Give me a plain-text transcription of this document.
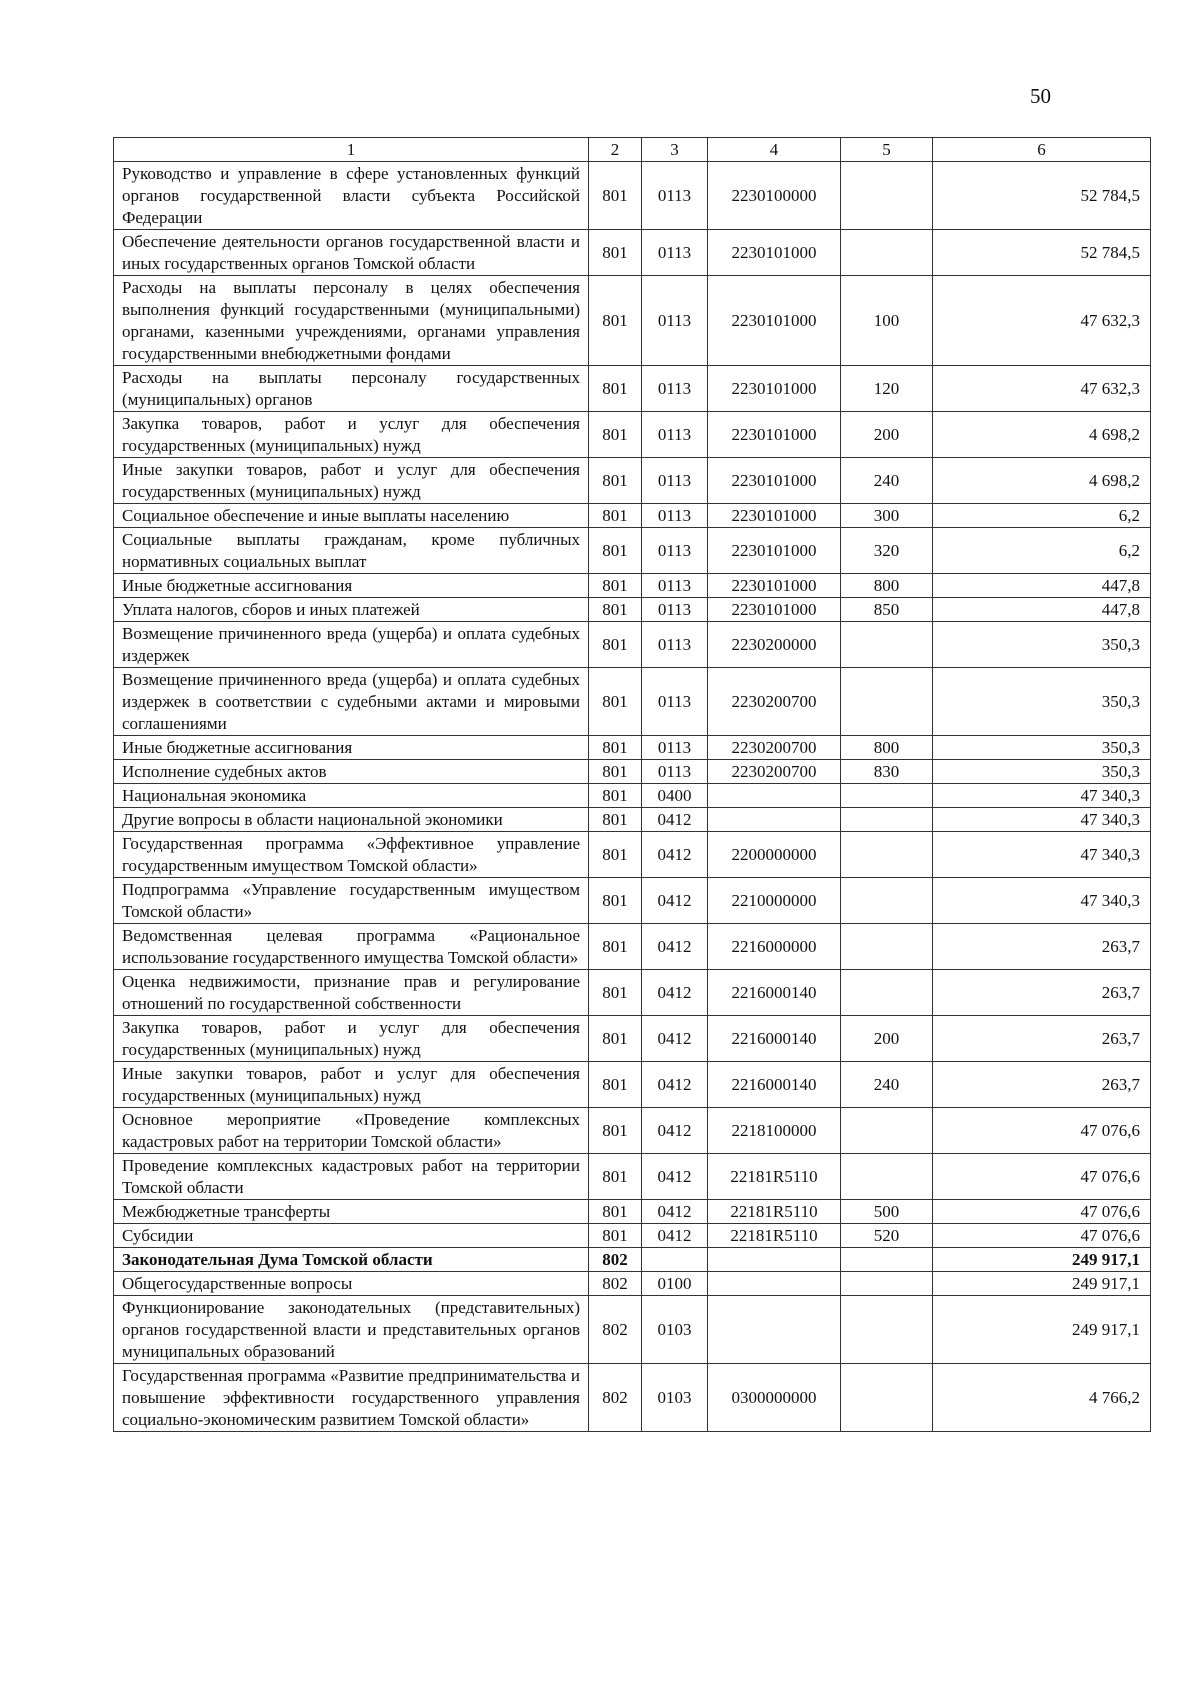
50
1	2	3	4	5	6
Руководство и управление в сфере установленных функций органов государственной власти субъекта Российской Федерации	801	0113	2230100000		52 784,5
Обеспечение деятельности органов государственной власти и иных государственных органов Томской области	801	0113	2230101000		52 784,5
Расходы на выплаты персоналу в целях обеспечения выполнения функций государственными (муниципальными) органами, казенными учреждениями, органами управления государственными внебюджетными фондами	801	0113	2230101000	100	47 632,3
Расходы на выплаты персоналу государственных (муниципальных) органов	801	0113	2230101000	120	47 632,3
Закупка товаров, работ и услуг для обеспечения государственных (муниципальных) нужд	801	0113	2230101000	200	4 698,2
Иные закупки товаров, работ и услуг для обеспечения государственных (муниципальных) нужд	801	0113	2230101000	240	4 698,2
Социальное обеспечение и иные выплаты населению	801	0113	2230101000	300	6,2
Социальные выплаты гражданам, кроме публичных нормативных социальных выплат	801	0113	2230101000	320	6,2
Иные бюджетные ассигнования	801	0113	2230101000	800	447,8
Уплата налогов, сборов и иных платежей	801	0113	2230101000	850	447,8
Возмещение причиненного вреда (ущерба) и оплата судебных издержек	801	0113	2230200000		350,3
Возмещение причиненного вреда (ущерба) и оплата судебных издержек в соответствии с судебными актами и мировыми соглашениями	801	0113	2230200700		350,3
Иные бюджетные ассигнования	801	0113	2230200700	800	350,3
Исполнение судебных актов	801	0113	2230200700	830	350,3
Национальная экономика	801	0400			47 340,3
Другие вопросы в области национальной экономики	801	0412			47 340,3
Государственная программа «Эффективное управление государственным имуществом Томской области»	801	0412	2200000000		47 340,3
Подпрограмма «Управление государственным имуществом Томской области»	801	0412	2210000000		47 340,3
Ведомственная целевая программа «Рациональное использование государственного имущества Томской области»	801	0412	2216000000		263,7
Оценка недвижимости, признание прав и регулирование отношений по государственной собственности	801	0412	2216000140		263,7
Закупка товаров, работ и услуг для обеспечения государственных (муниципальных) нужд	801	0412	2216000140	200	263,7
Иные закупки товаров, работ и услуг для обеспечения государственных (муниципальных) нужд	801	0412	2216000140	240	263,7
Основное мероприятие «Проведение комплексных кадастровых работ на территории Томской области»	801	0412	2218100000		47 076,6
Проведение комплексных кадастровых работ на территории Томской области	801	0412	22181R5110		47 076,6
Межбюджетные трансферты	801	0412	22181R5110	500	47 076,6
Субсидии	801	0412	22181R5110	520	47 076,6
Законодательная Дума Томской области	802				249 917,1
Общегосударственные вопросы	802	0100			249 917,1
Функционирование законодательных (представительных) органов государственной власти и представительных органов муниципальных образований	802	0103			249 917,1
Государственная программа «Развитие предпринимательства и повышение эффективности государственного управления социально-экономическим развитием Томской области»	802	0103	0300000000		4 766,2
